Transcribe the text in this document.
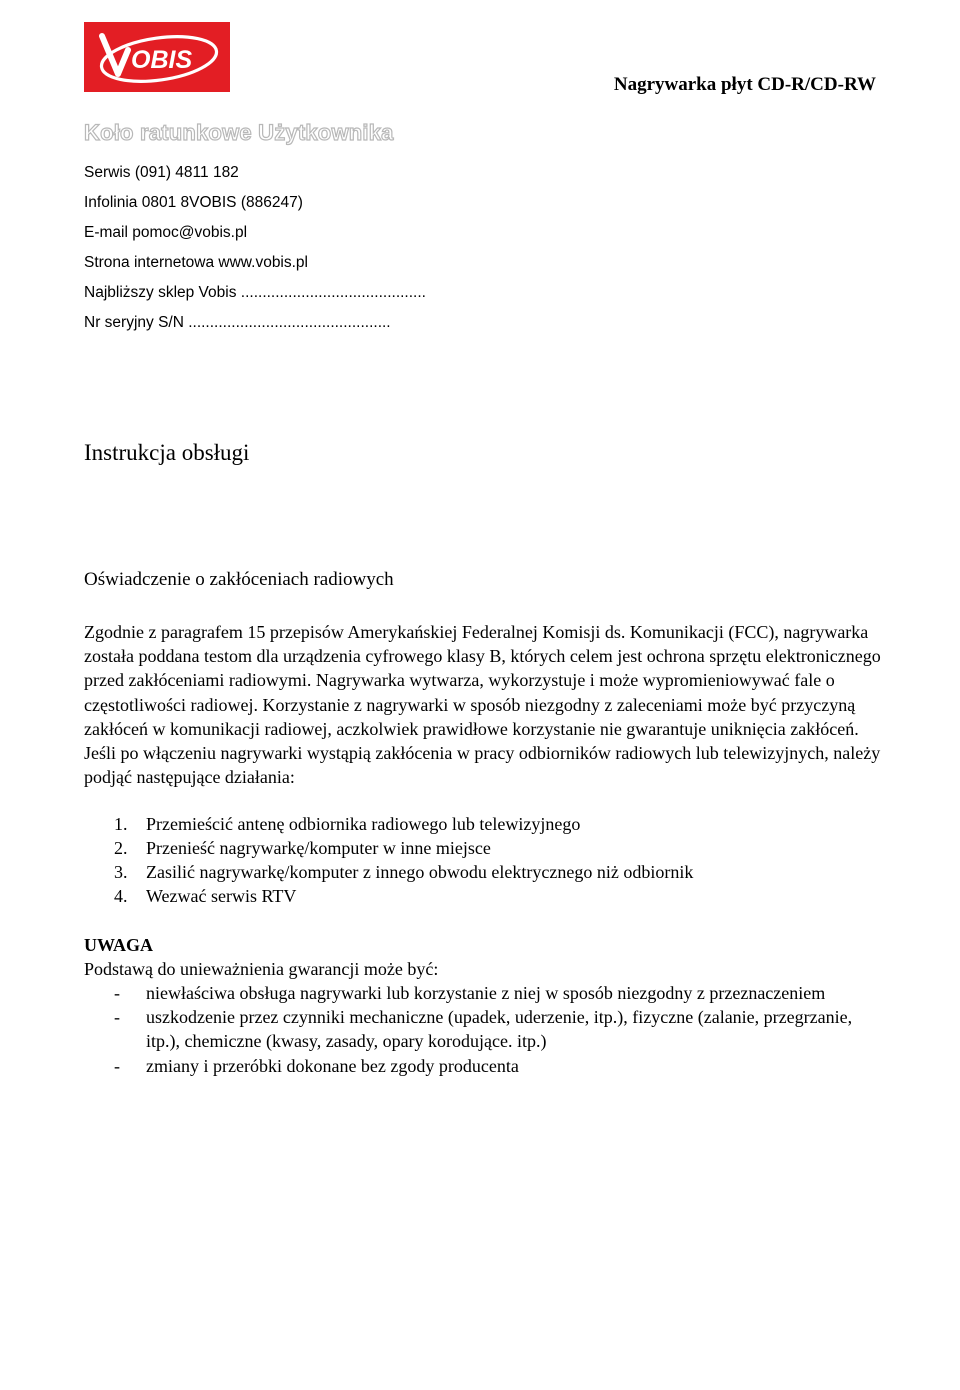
OBIS
Nagrywarka płyt CD-R/CD-RW
Koło ratunkowe Użytkownika
Serwis (091) 4811 182
Infolinia 0801 8VOBIS (886247)
E-mail pomoc@vobis.pl
Strona internetowa www.vobis.pl
Najbliższy sklep Vobis ...........................................
Nr seryjny S/N ...............................................
Instrukcja obsługi
Oświadczenie o zakłóceniach radiowych

Zgodnie z paragrafem 15 przepisów Amerykańskiej Federalnej Komisji ds. Komunikacji (FCC), nagrywarka została poddana testom dla urządzenia cyfrowego klasy B, których celem jest ochrona sprzętu elektronicznego przed zakłóceniami radiowymi. Nagrywarka wytwarza, wykorzystuje i może wypromieniowywać fale o częstotliwości radiowej. Korzystanie z nagrywarki w sposób niezgodny z zaleceniami może być przyczyną zakłóceń w komunikacji radiowej, aczkolwiek prawidłowe korzystanie nie gwarantuje uniknięcia zakłóceń. Jeśli po włączeniu nagrywarki wystąpią zakłócenia w pracy odbiorników radiowych lub telewizyjnych, należy podjąć następujące działania:

1.	Przemieścić antenę odbiornika radiowego lub telewizyjnego
2.	Przenieść nagrywarkę/komputer w inne miejsce
3.	Zasilić nagrywarkę/komputer z innego obwodu elektrycznego niż odbiornik
4.	Wezwać serwis RTV
UWAGA
Podstawą do unieważnienia gwarancji może być:
-	niewłaściwa obsługa nagrywarki lub korzystanie z niej w sposób niezgodny z przeznaczeniem
-	uszkodzenie przez czynniki mechaniczne (upadek, uderzenie, itp.), fizyczne (zalanie, przegrzanie, itp.), chemiczne (kwasy, zasady, opary korodujące. itp.)
-	zmiany i przeróbki dokonane bez zgody producenta
